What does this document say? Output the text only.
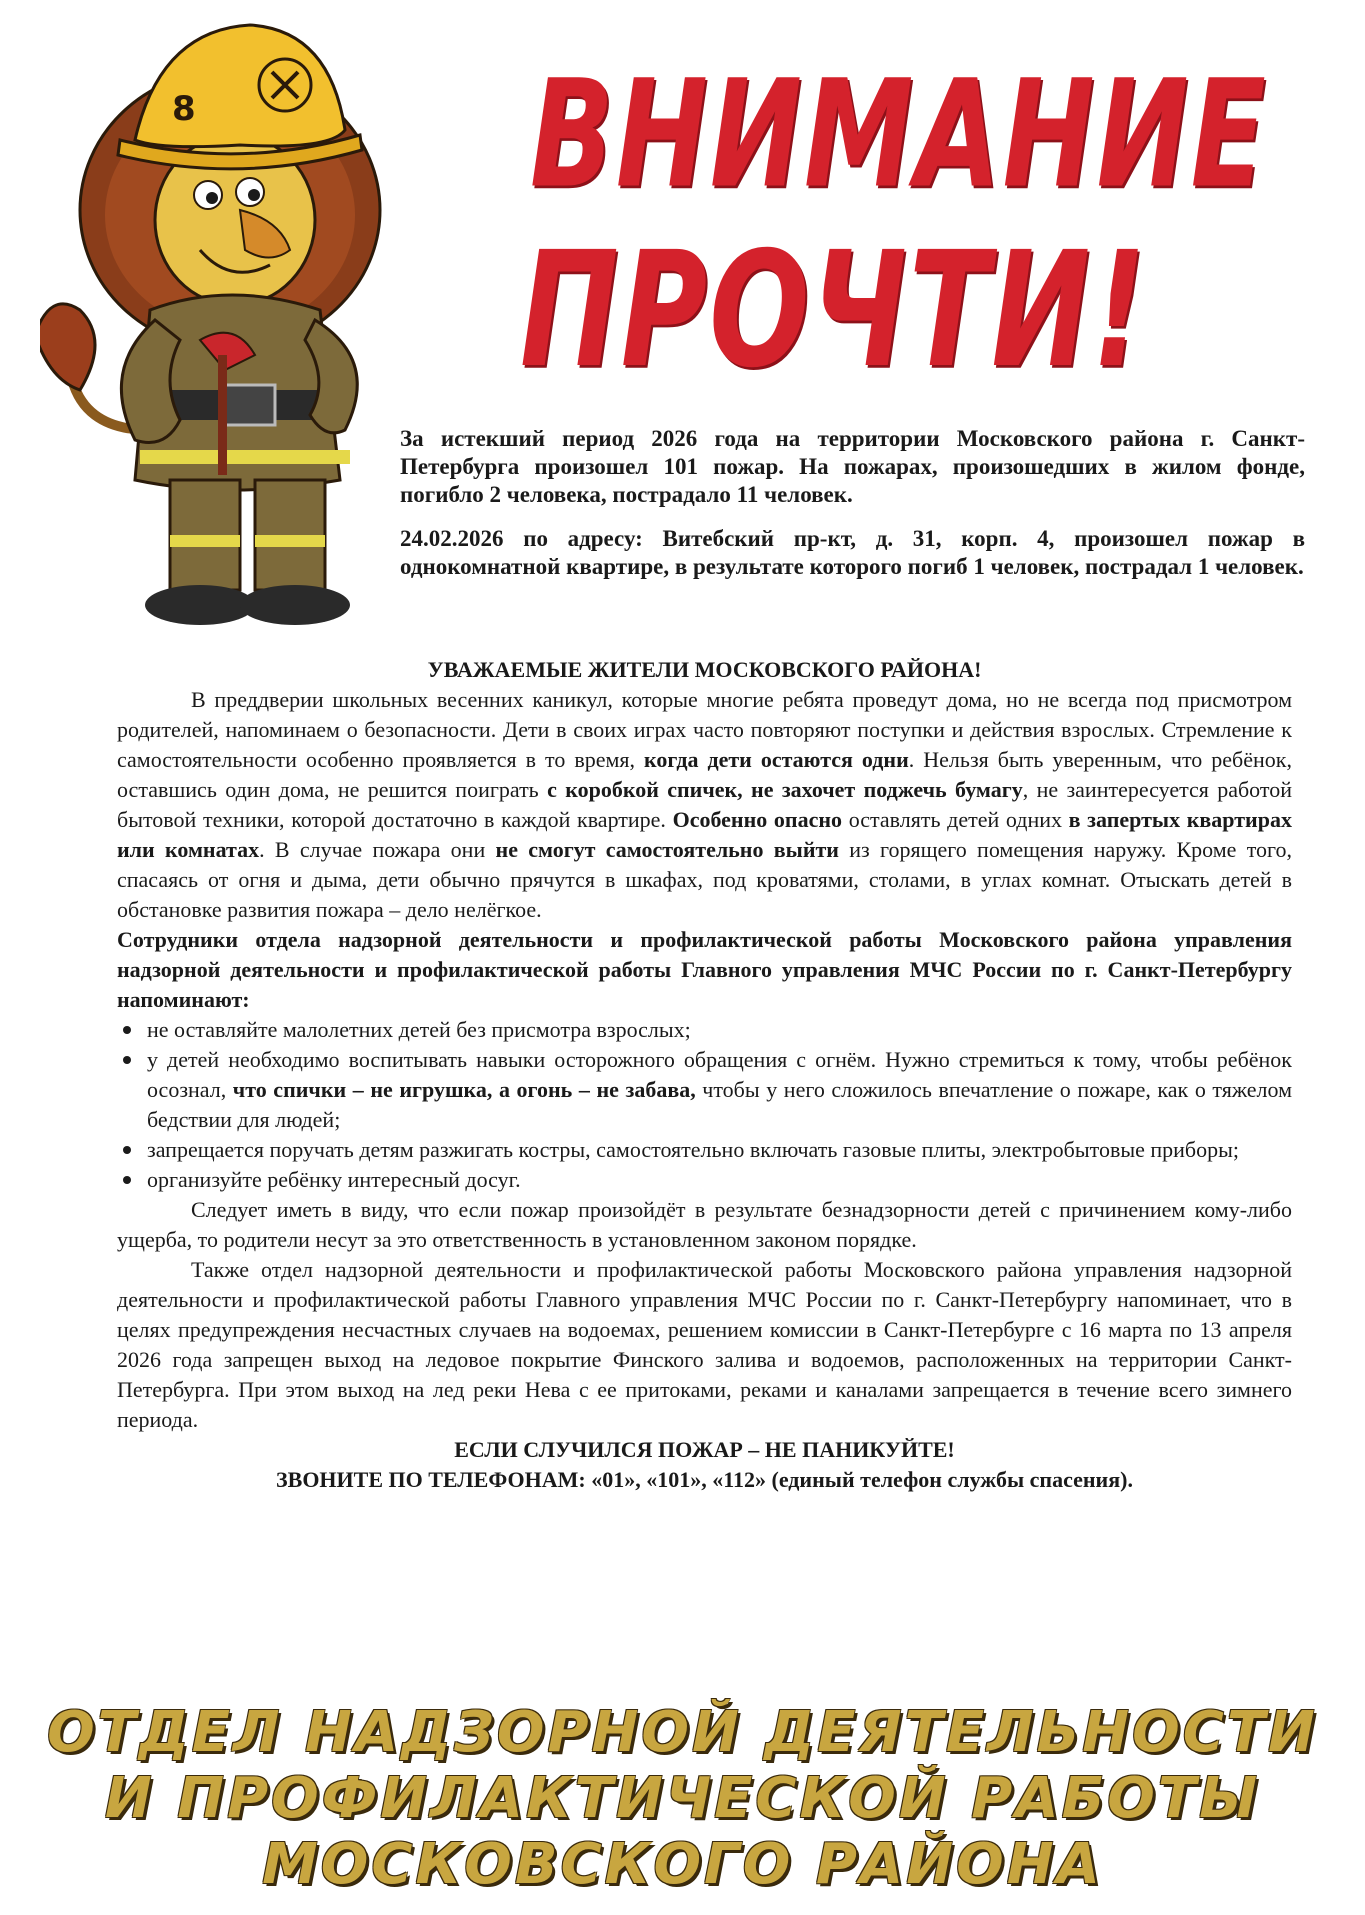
8	ВНИМАНИЕ
ПРОЧТИ!

За истекший период 2026 года на территории Московского района г. Санкт-Петербурга произошел 101 пожар. На пожарах, произошедших в жилом фонде, погибло 2 человека, пострадало 11 человек.

24.02.2026 по адресу: Витебский пр-кт, д. 31, корп. 4, произошел пожар в однокомнатной квартире, в результате которого погиб 1 человек, пострадал 1 человек.

УВАЖАЕМЫЕ ЖИТЕЛИ МОСКОВСКОГО РАЙОНА!

В преддверии школьных весенних каникул, которые многие ребята проведут дома, но не всегда под присмотром родителей, напоминаем о безопасности. Дети в своих играх часто повторяют поступки и действия взрослых. Стремление к самостоятельности особенно проявляется в то время, когда дети остаются одни. Нельзя быть уверенным, что ребёнок, оставшись один дома, не решится поиграть с коробкой спичек, не захочет поджечь бумагу, не заинтересуется работой бытовой техники, которой достаточно в каждой квартире. Особенно опасно оставлять детей одних в запертых квартирах или комнатах. В случае пожара они не смогут самостоятельно выйти из горящего помещения наружу. Кроме того, спасаясь от огня и дыма, дети обычно прячутся в шкафах, под кроватями, столами, в углах комнат. Отыскать детей в обстановке развития пожара – дело нелёгкое.

Сотрудники отдела надзорной деятельности и профилактической работы Московского района управления надзорной деятельности и профилактической работы Главного управления МЧС России по г. Санкт-Петербургу напоминают:

не оставляйте малолетних детей без присмотра взрослых;
у детей необходимо воспитывать навыки осторожного обращения с огнём. Нужно стремиться к тому, чтобы ребёнок осознал, что спички – не игрушка, а огонь – не забава, чтобы у него сложилось впечатление о пожаре, как о тяжелом бедствии для людей;
запрещается поручать детям разжигать костры, самостоятельно включать газовые плиты, электробытовые приборы;
организуйте ребёнку интересный досуг.

Следует иметь в виду, что если пожар произойдёт в результате безнадзорности детей с причинением кому-либо ущерба, то родители несут за это ответственность в установленном законом порядке.

Также отдел надзорной деятельности и профилактической работы Московского района управления надзорной деятельности и профилактической работы Главного управления МЧС России по г. Санкт-Петербургу напоминает, что в целях предупреждения несчастных случаев на водоемах, решением комиссии в Санкт-Петербурге с 16 марта по 13 апреля 2026 года запрещен выход на ледовое покрытие Финского залива и водоемов, расположенных на территории Санкт-Петербурга. При этом выход на лед реки Нева с ее притоками, реками и каналами запрещается в течение всего зимнего периода.

ЕСЛИ СЛУЧИЛСЯ ПОЖАР – НЕ ПАНИКУЙТЕ!

ЗВОНИТЕ ПО ТЕЛЕФОНАМ: «01», «101», «112» (единый телефон службы спасения).

ОТДЕЛ НАДЗОРНОЙ ДЕЯТЕЛЬНОСТИ
И ПРОФИЛАКТИЧЕСКОЙ РАБОТЫ
МОСКОВСКОГО РАЙОНА
